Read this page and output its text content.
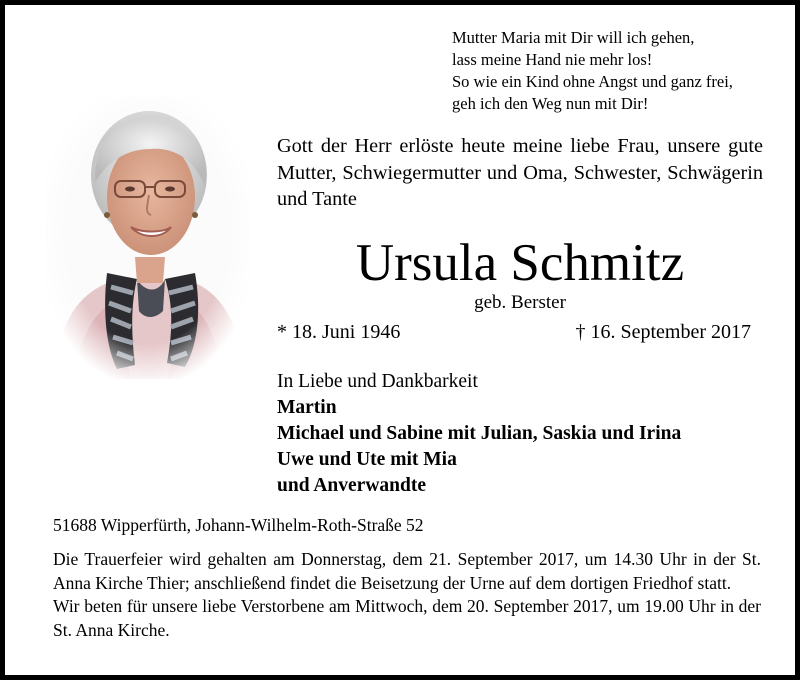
Mutter Maria mit Dir will ich gehen,
lass meine Hand nie mehr los!
So wie ein Kind ohne Angst und ganz frei,
geh ich den Weg nun mit Dir!
Gott der Herr erlöste heute meine liebe Frau, unsere gute Mutter, Schwiegermutter und Oma, Schwester, Schwägerin und Tante
Ursula Schmitz
geb. Berster
* 18. Juni 1946	† 16. September 2017
In Liebe und Dankbarkeit
Martin
Michael und Sabine mit Julian, Saskia und Irina
Uwe und Ute mit Mia
und Anverwandte
51688 Wipperfürth, Johann-Wilhelm-Roth-Straße 52

Die Trauerfeier wird gehalten am Donnerstag, dem 21. September 2017, um 14.30 Uhr in der St. Anna Kirche Thier; anschließend findet die Beisetzung der Urne auf dem dortigen Friedhof statt.

Wir beten für unsere liebe Verstorbene am Mittwoch, dem 20. September 2017, um 19.00 Uhr in der St. Anna Kirche.
